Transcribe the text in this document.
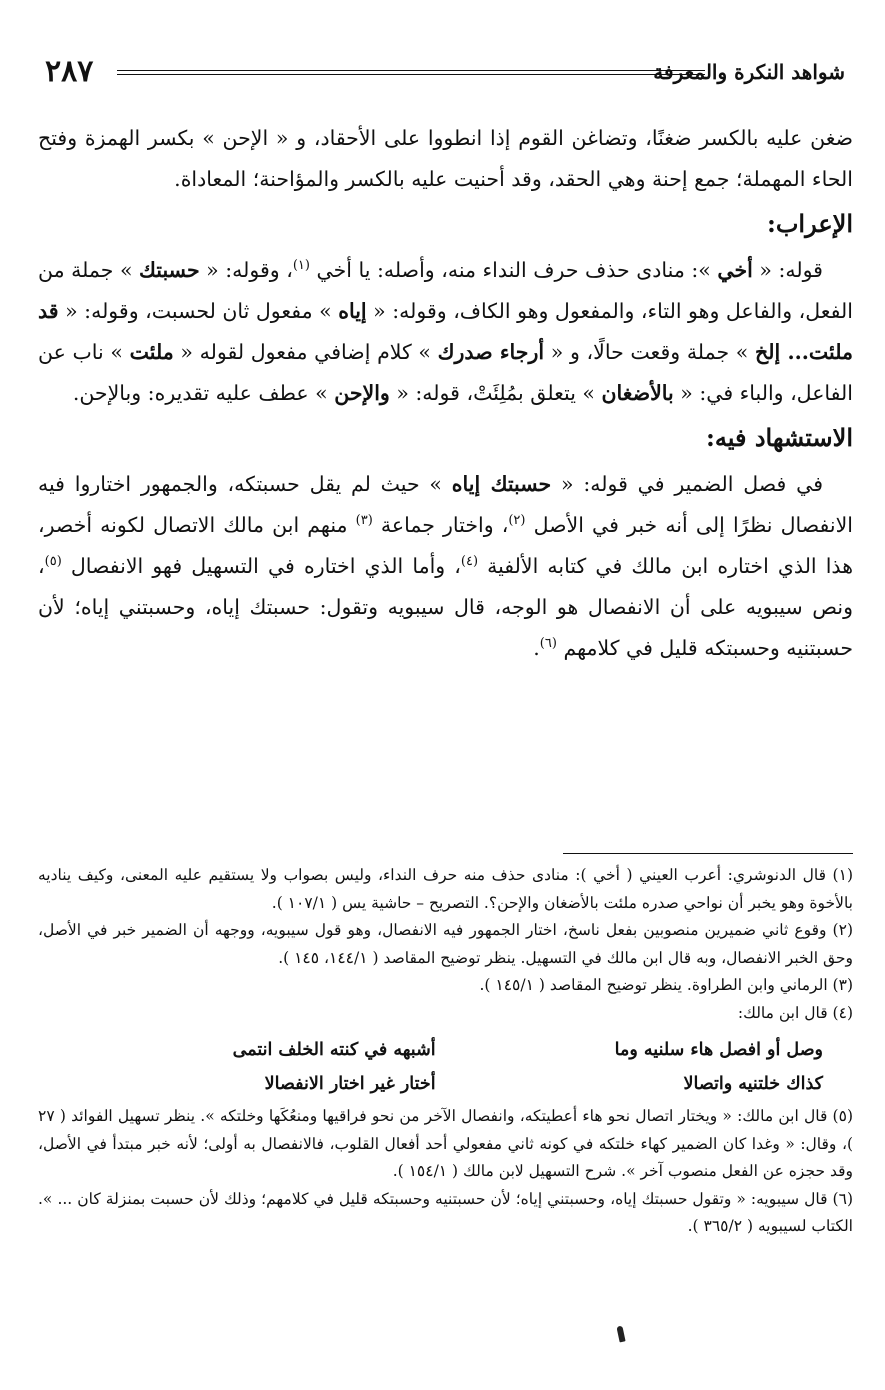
شواهد النكرة والمعرفة
٢٨٧

ضغن عليه بالكسر ضغنًا، وتضاغن القوم إذا انطووا على الأحقاد، و « الإحن » بكسر الهمزة وفتح الحاء المهملة؛ جمع إحنة وهي الحقد، وقد أحنيت عليه بالكسر والمؤاحنة؛ المعاداة.

الإعراب:

قوله: « أخي »: منادى حذف حرف النداء منه، وأصله: يا أخي $^{(١)}$، وقوله: « حسبتك » جملة من الفعل، والفاعل وهو التاء، والمفعول وهو الكاف، وقوله: « إياه » مفعول ثان لحسبت، وقوله: « قد ملئت... إلخ » جملة وقعت حالًا، و « أرجاء صدرك » كلام إضافي مفعول لقوله « ملئت » ناب عن الفاعل، والباء في: « بالأضغان » يتعلق بمُلِئَتْ، قوله: « والإحن » عطف عليه تقديره: وبالإحن.

الاستشهاد فيه:

في فصل الضمير في قوله: « حسبتك إياه » حيث لم يقل حسبتكه، والجمهور اختاروا فيه الانفصال نظرًا إلى أنه خبر في الأصل $^{(٢)}$، واختار جماعة $^{(٣)}$ منهم ابن مالك الاتصال لكونه أخصر، هذا الذي اختاره ابن مالك في كتابه الألفية $^{(٤)}$، وأما الذي اختاره في التسهيل فهو الانفصال $^{(٥)}$، ونص سيبويه على أن الانفصال هو الوجه، قال سيبويه وتقول: حسبتك إياه، وحسبتني إياه؛ لأن حسبتنيه وحسبتكه قليل في كلامهم $^{(٦)}$.

(١) قال الدنوشري: أعرب العيني ( أخي ): منادى حذف منه حرف النداء، وليس بصواب ولا يستقيم عليه المعنى، وكيف يناديه بالأخوة وهو يخبر أن نواحي صدره ملئت بالأضغان والإحن؟. التصريح – حاشية يس ( ١٠٧/١ ).

(٢) وقوع ثاني ضميرين منصوبين بفعل ناسخ، اختار الجمهور فيه الانفصال، وهو قول سيبويه، ووجهه أن الضمير خبر في الأصل، وحق الخبر الانفصال، وبه قال ابن مالك في التسهيل. ينظر توضيح المقاصد ( ١٤٤/١، ١٤٥ ).

(٣) الرماني وابن الطراوة. ينظر توضيح المقاصد ( ١٤٥/١ ).

(٤) قال ابن مالك:

وصل أو افصل هاء سلنيه وما
أشبهه في كنته الخلف انتمى
كذاك خلتنيه واتصالا
أختار غير اختار الانفصالا

(٥) قال ابن مالك: « ويختار اتصال نحو هاء أعطيتكه، وانفصال الآخر من نحو فراقيها ومنعُكَها وخلتكه ». ينظر تسهيل الفوائد ( ٢٧ )، وقال: « وغدا كان الضمير كهاء خلتكه في كونه ثاني مفعولي أحد أفعال القلوب، فالانفصال به أولى؛ لأنه خبر مبتدأ في الأصل، وقد حجزه عن الفعل منصوب آخر ». شرح التسهيل لابن مالك ( ١٥٤/١ ).

(٦) قال سيبويه: « وتقول حسبتك إياه، وحسبتني إياه؛ لأن حسبتنيه وحسبتكه قليل في كلامهم؛ وذلك لأن حسبت بمنزلة كان ... ». الكتاب لسيبويه ( ٣٦٥/٢ ).
